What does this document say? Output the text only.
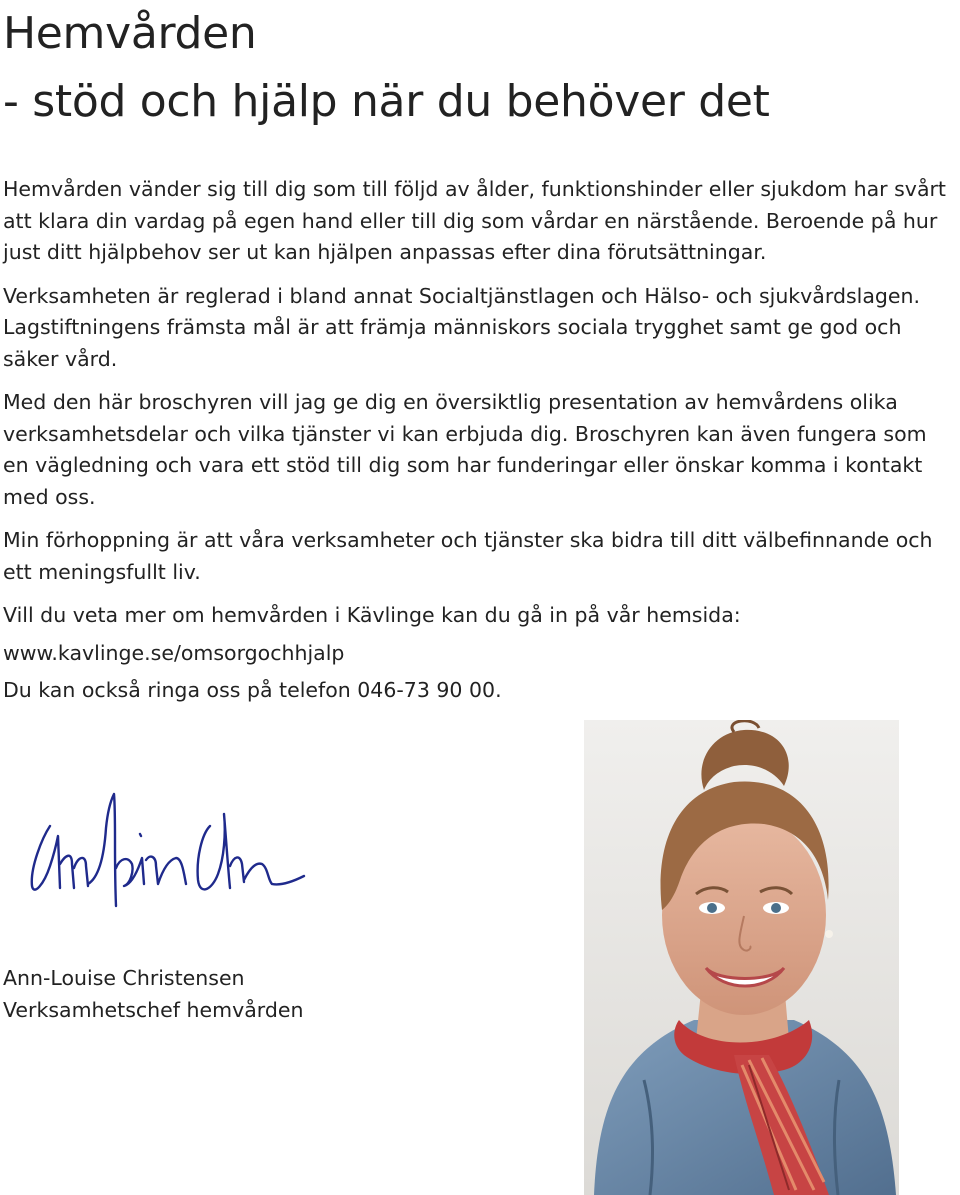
Hemvården
- stöd och hjälp när du behöver det

Hemvården vänder sig till dig som till följd av ålder, funktionshinder eller sjukdom har svårt att klara din vardag på egen hand eller till dig som vårdar en närstående. Beroende på hur just ditt hjälpbehov ser ut kan hjälpen anpassas efter dina förutsättningar.

Verksamheten är reglerad i bland annat Socialtjänstlagen och Hälso- och sjukvårdslagen. Lagstiftningens främsta mål är att främja människors sociala trygghet samt ge god och säker vård.

Med den här broschyren vill jag ge dig en översiktlig presentation av hemvårdens olika verksamhetsdelar och vilka tjänster vi kan erbjuda dig. Broschyren kan även fungera som en vägledning och vara ett stöd till dig som har funderingar eller önskar komma i kontakt med oss.

Min förhoppning är att våra verksamheter och tjänster ska bidra till ditt välbefinnande och ett meningsfullt liv.

Vill du veta mer om hemvården i Kävlinge kan du gå in på vår hemsida:

www.kavlinge.se/omsorgochhjalp

Du kan också ringa oss på telefon 046-73 90 00.

Ann-Louise Christensen
Verksamhetschef hemvården
